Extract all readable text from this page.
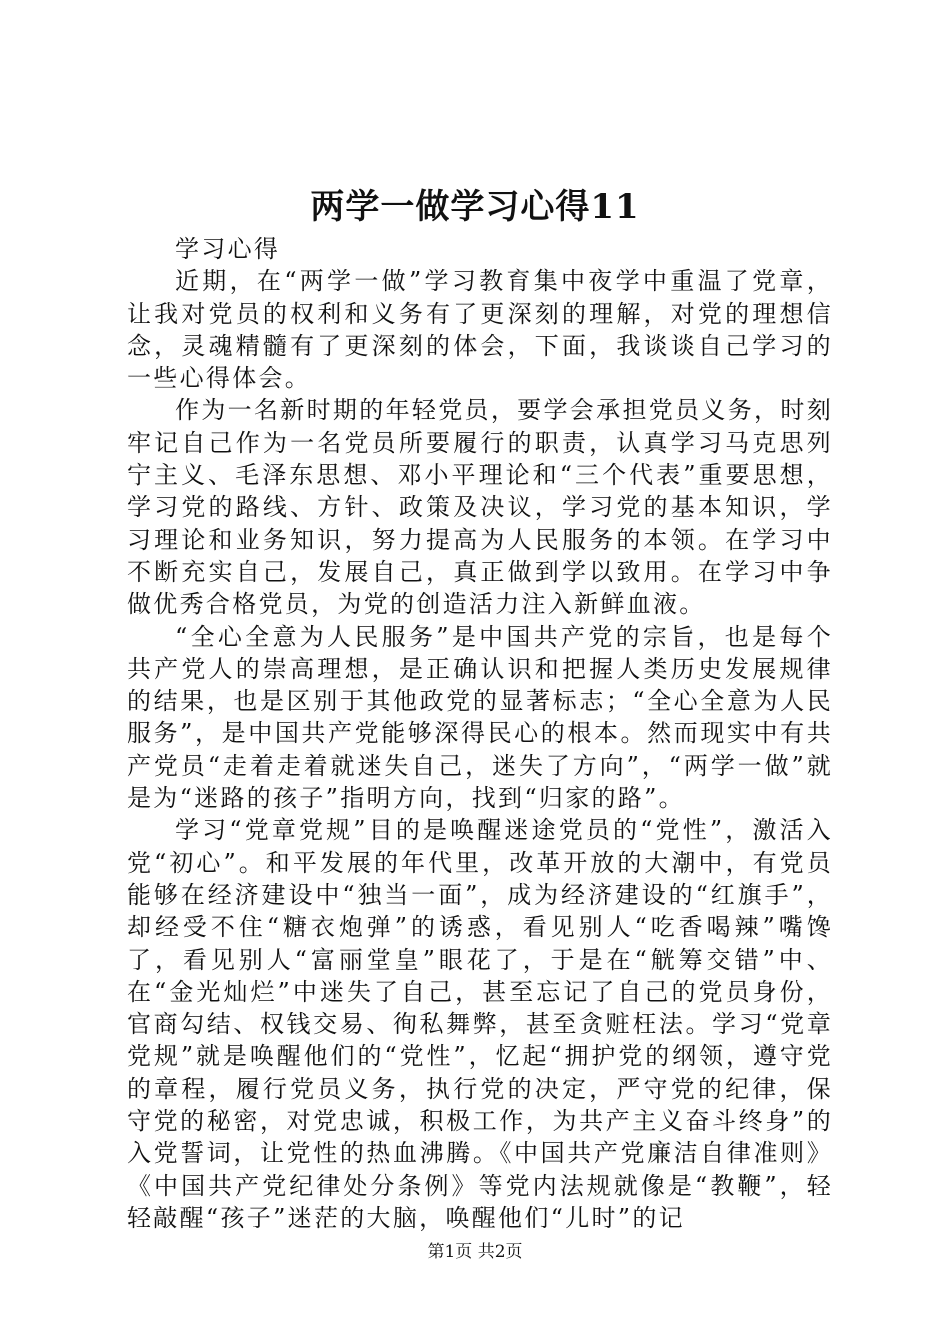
两学一做学习心得11

学习心得

近期，在“两学一做”学习教育集中夜学中重温了党章，让我对党员的权利和义务有了更深刻的理解，对党的理想信念，灵魂精髓有了更深刻的体会，下面，我谈谈自己学习的一些心得体会。

作为一名新时期的年轻党员，要学会承担党员义务，时刻牢记自己作为一名党员所要履行的职责，认真学习马克思列宁主义、毛泽东思想、邓小平理论和“三个代表”重要思想，学习党的路线、方针、政策及决议，学习党的基本知识，学习理论和业务知识，努力提高为人民服务的本领。在学习中不断充实自己，发展自己，真正做到学以致用。在学习中争做优秀合格党员，为党的创造活力注入新鲜血液。

“全心全意为人民服务”是中国共产党的宗旨，也是每个共产党人的崇高理想，是正确认识和把握人类历史发展规律的结果，也是区别于其他政党的显著标志；“全心全意为人民服务”，是中国共产党能够深得民心的根本。然而现实中有共产党员“走着走着就迷失自己，迷失了方向”，“两学一做”就是为“迷路的孩子”指明方向，找到“归家的路”。

学习“党章党规”目的是唤醒迷途党员的“党性”，激活入党“初心”。和平发展的年代里，改革开放的大潮中，有党员能够在经济建设中“独当一面”，成为经济建设的“红旗手”，却经受不住“糖衣炮弹”的诱惑，看见别人“吃香喝辣”嘴馋了，看见别人“富丽堂皇”眼花了，于是在“觥筹交错”中、在“金光灿烂”中迷失了自己，甚至忘记了自己的党员身份，官商勾结、权钱交易、徇私舞弊，甚至贪赃枉法。学习“党章党规”就是唤醒他们的“党性”，忆起“拥护党的纲领，遵守党的章程，履行党员义务，执行党的决定，严守党的纪律，保守党的秘密，对党忠诚，积极工作，为共产主义奋斗终身”的入党誓词，让党性的热血沸腾。《中国共产党廉洁自律准则》《中国共产党纪律处分条例》等党内法规就像是“教鞭”，轻轻敲醒“孩子”迷茫的大脑，唤醒他们“儿时”的记

第1页 共2页
